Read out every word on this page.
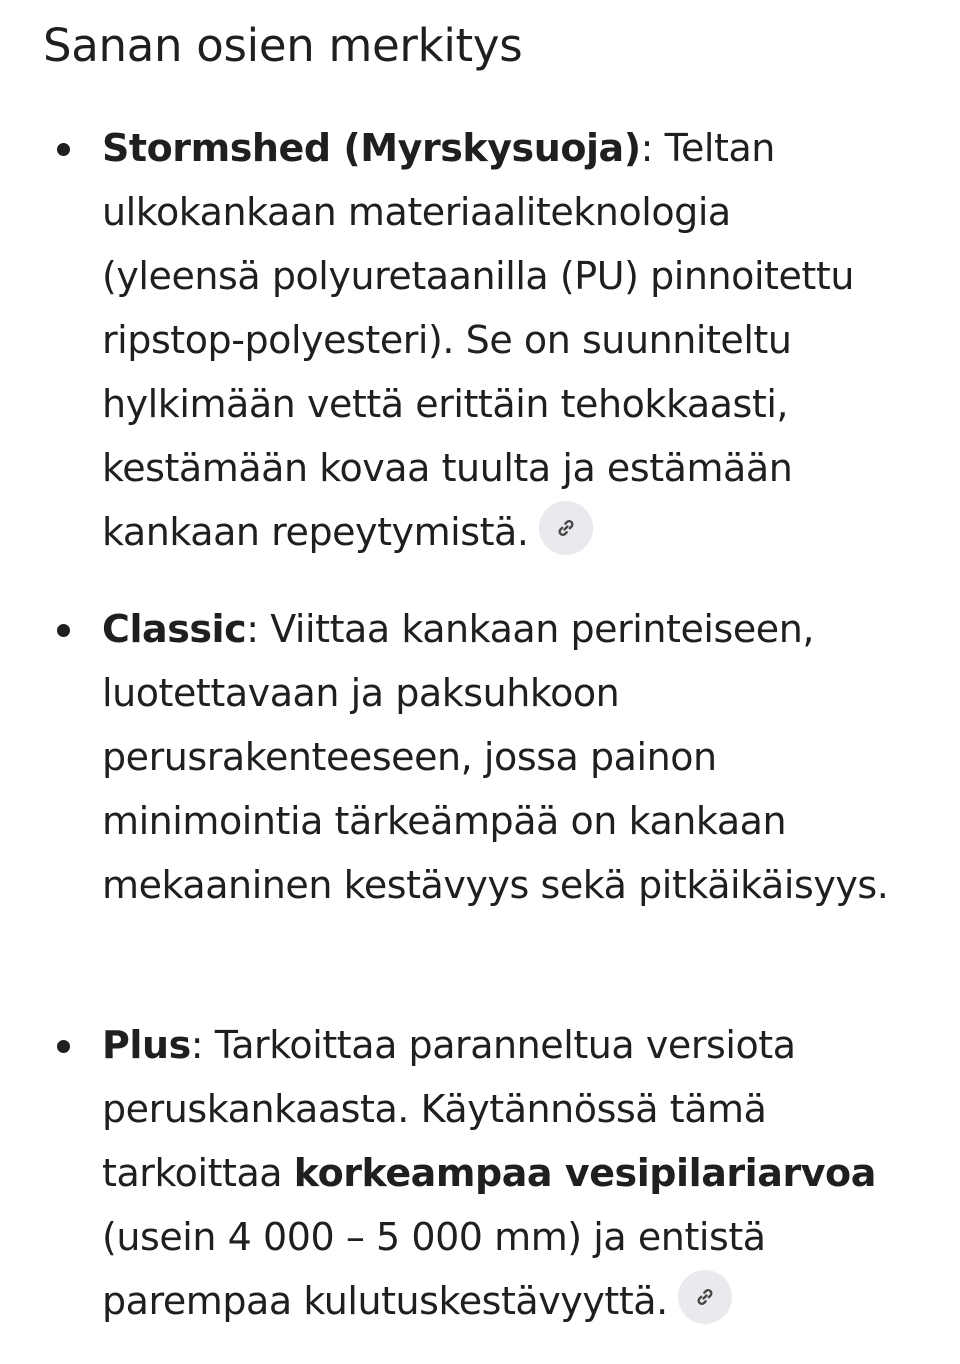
Sanan osien merkitys

Stormshed (Myrskysuoja): Teltan
ulkokankaan materiaaliteknologia
(yleensä polyuretaanilla (PU) pinnoitettu
ripstop-polyesteri). Se on suunniteltu
hylkimään vettä erittäin tehokkaasti,
kestämään kovaa tuulta ja estämään
kankaan repeytymistä.

Classic: Viittaa kankaan perinteiseen,
luotettavaan ja paksuhkoon
perusrakenteeseen, jossa painon
minimointia tärkeämpää on kankaan
mekaaninen kestävyys sekä pitkäikäisyys.

Plus: Tarkoittaa paranneltua versiota
peruskankaasta. Käytännössä tämä
tarkoittaa korkeampaa vesipilariarvoa
(usein 4 000 – 5 000 mm) ja entistä
parempaa kulutuskestävyyttä.
